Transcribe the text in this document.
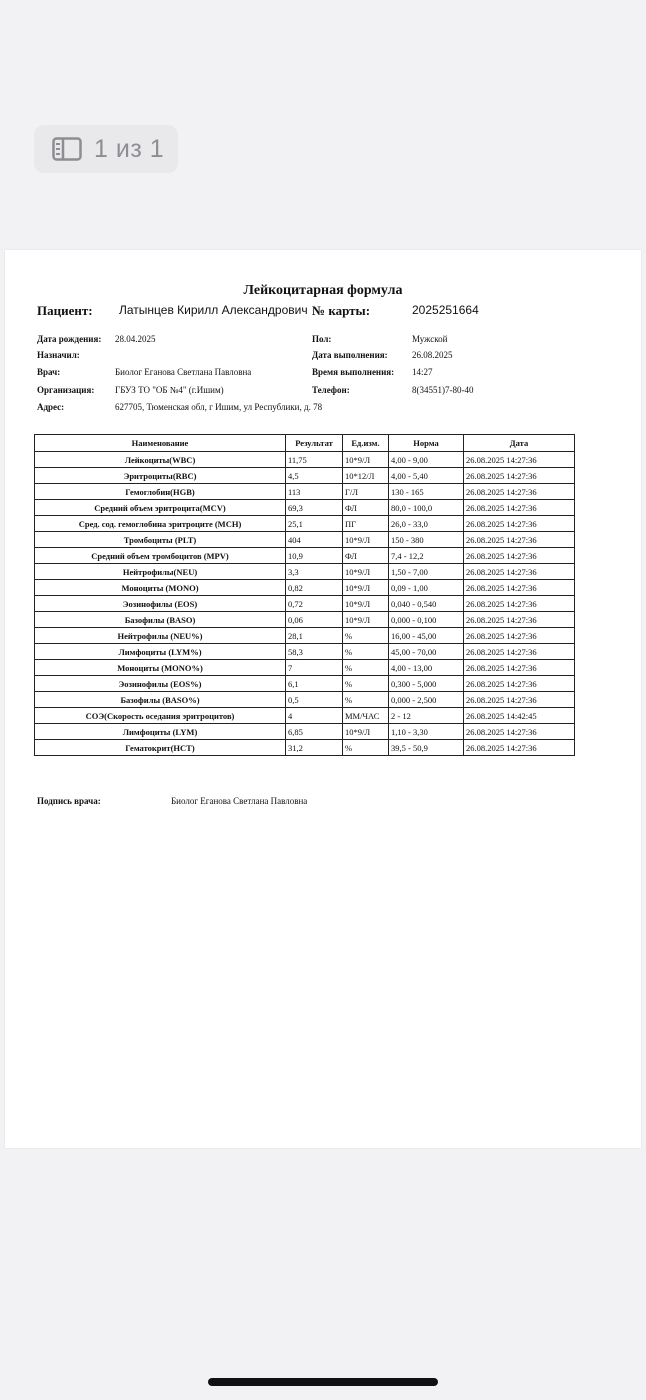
1 из 1
Лейкоцитарная формула
Пациент: Латынцев Кирилл Александрович № карты:	2025251664
Дата рождения: 28.04.2025
Назначил:
Врач:	Биолог Еганова Светлана Павловна
Организация: ГБУЗ ТО "ОБ №4" (г.Ишим)
Адрес:	627705, Тюменская обл, г Ишим, ул Республики, д. 78
Пол:	Мужской
Дата выполнения:	26.08.2025
Время выполнения: 14:27
Телефон:	8(34551)7-80-40
Наименование	Результат	Ед.изм.	Норма	Дата
Лейкоциты(WBC)	11,75	10*9/Л	4,00 - 9,00	26.08.2025 14:27:36
Эритроциты(RBC)	4,5	10*12/Л	4,00 - 5,40	26.08.2025 14:27:36
Гемоглобин(HGB)	113	Г/Л	130 - 165	26.08.2025 14:27:36
Средний объем эритроцита(MCV)	69,3	ФЛ	80,0 - 100,0	26.08.2025 14:27:36
Сред. сод. гемоглобина эритроците (MCH)	25,1	ПГ	26,0 - 33,0	26.08.2025 14:27:36
Тромбоциты (PLT)	404	10*9/Л	150 - 380	26.08.2025 14:27:36
Средний объем тромбоцитов (MPV)	10,9	ФЛ	7,4 - 12,2	26.08.2025 14:27:36
Нейтрофилы(NEU)	3,3	10*9/Л	1,50 - 7,00	26.08.2025 14:27:36
Моноциты (MONO)	0,82	10*9/Л	0,09 - 1,00	26.08.2025 14:27:36
Эозинофилы (EOS)	0,72	10*9/Л	0,040 - 0,540	26.08.2025 14:27:36
Базофилы (BASO)	0,06	10*9/Л	0,000 - 0,100	26.08.2025 14:27:36
Нейтрофилы (NEU%)	28,1	%	16,00 - 45,00	26.08.2025 14:27:36
Лимфоциты (LYM%)	58,3	%	45,00 - 70,00	26.08.2025 14:27:36
Моноциты (MONO%)	7	%	4,00 - 13,00	26.08.2025 14:27:36
Эозинофилы (EOS%)	6,1	%	0,300 - 5,000	26.08.2025 14:27:36
Базофилы (BASO%)	0,5	%	0,000 - 2,500	26.08.2025 14:27:36
СОЭ(Скорость оседания эритроцитов)	4	ММ/ЧАС	2 - 12	26.08.2025 14:42:45
Лимфоциты (LYM)	6,85	10*9/Л	1,10 - 3,30	26.08.2025 14:27:36
Гематокрит(HCT)	31,2	%	39,5 - 50,9	26.08.2025 14:27:36
Подпись врача:	Биолог Еганова Светлана Павловна
